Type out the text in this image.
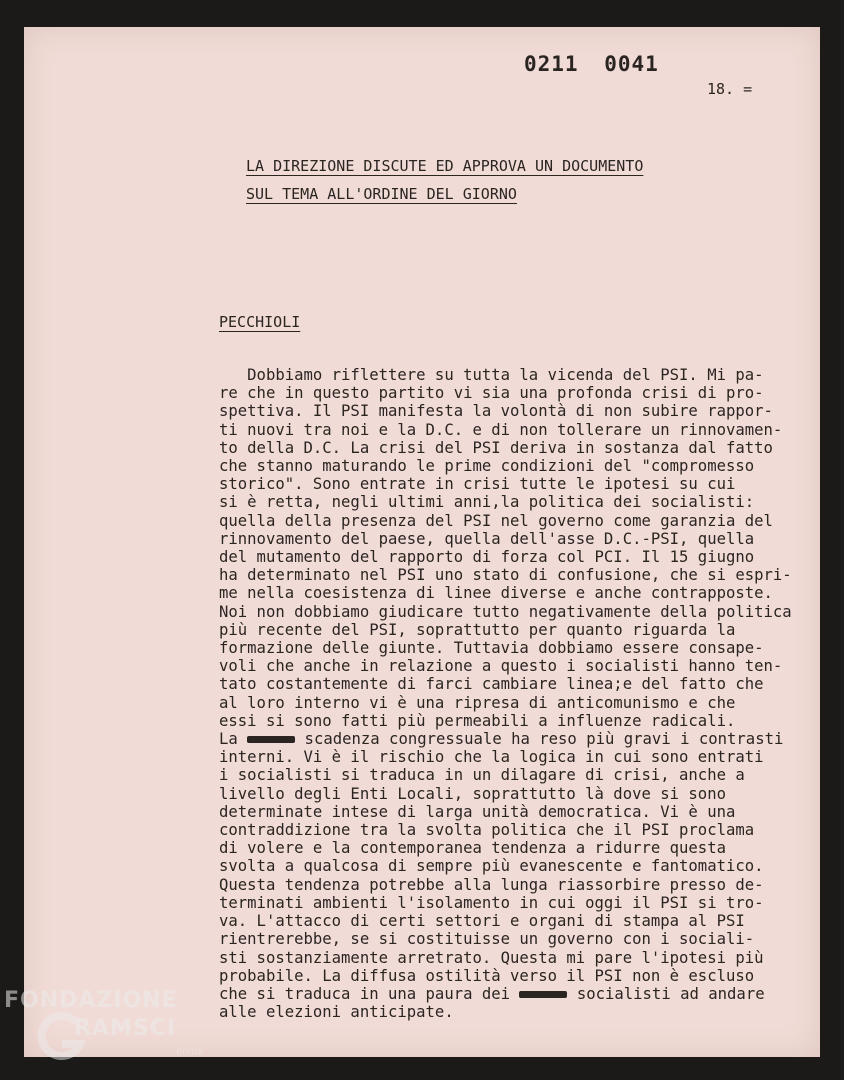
0211 0041
18. =
LA DIREZIONE DISCUTE ED APPROVA UN DOCUMENTO
SUL TEMA ALL'ORDINE DEL GIORNO
PECCHIOLI
Dobbiamo riflettere su tutta la vicenda del PSI. Mi pa-
re che in questo partito vi sia una profonda crisi di pro-
spettiva. Il PSI manifesta la volontà di non subire rappor-
ti nuovi tra noi e la D.C. e di non tollerare un rinnovamen-
to della D.C. La crisi del PSI deriva in sostanza dal fatto
che stanno maturando le prime condizioni del "compromesso
storico". Sono entrate in crisi tutte le ipotesi su cui
si è retta, negli ultimi anni,la politica dei socialisti:
quella della presenza del PSI nel governo come garanzia del
rinnovamento del paese, quella dell'asse D.C.-PSI, quella
del mutamento del rapporto di forza col PCI. Il 15 giugno
ha determinato nel PSI uno stato di confusione, che si espri-
me nella coesistenza di linee diverse e anche contrapposte.
Noi non dobbiamo giudicare tutto negativamente della politica
più recente del PSI, soprattutto per quanto riguarda la
formazione delle giunte. Tuttavia dobbiamo essere consape-
voli che anche in relazione a questo i socialisti hanno ten-
tato costantemente di farci cambiare linea;e del fatto che
al loro interno vi è una ripresa di anticomunismo e che
essi si sono fatti più permeabili a influenze radicali.
La	scadenza congressuale ha reso più gravi i contrasti
interni. Vi è il rischio che la logica in cui sono entrati
i socialisti si traduca in un dilagare di crisi, anche a
livello degli Enti Locali, soprattutto là dove si sono
determinate intese di larga unità democratica. Vi è una
contraddizione tra la svolta politica che il PSI proclama
di volere e la contemporanea tendenza a ridurre questa
svolta a qualcosa di sempre più evanescente e fantomatico.
Questa tendenza potrebbe alla lunga riassorbire presso de-
terminati ambienti l'isolamento in cui oggi il PSI si tro-
va. L'attacco di certi settori e organi di stampa al PSI
rientrerebbe, se si costituisse un governo con i sociali-
sti sostanziamente arretrato. Questa mi pare l'ipotesi più
probabile. La diffusa ostilità verso il PSI non è escluso
che si traduca in una paura dei	socialisti ad andare
alle elezioni anticipate.
FONDAZIONE
RAMSCI
onlus
